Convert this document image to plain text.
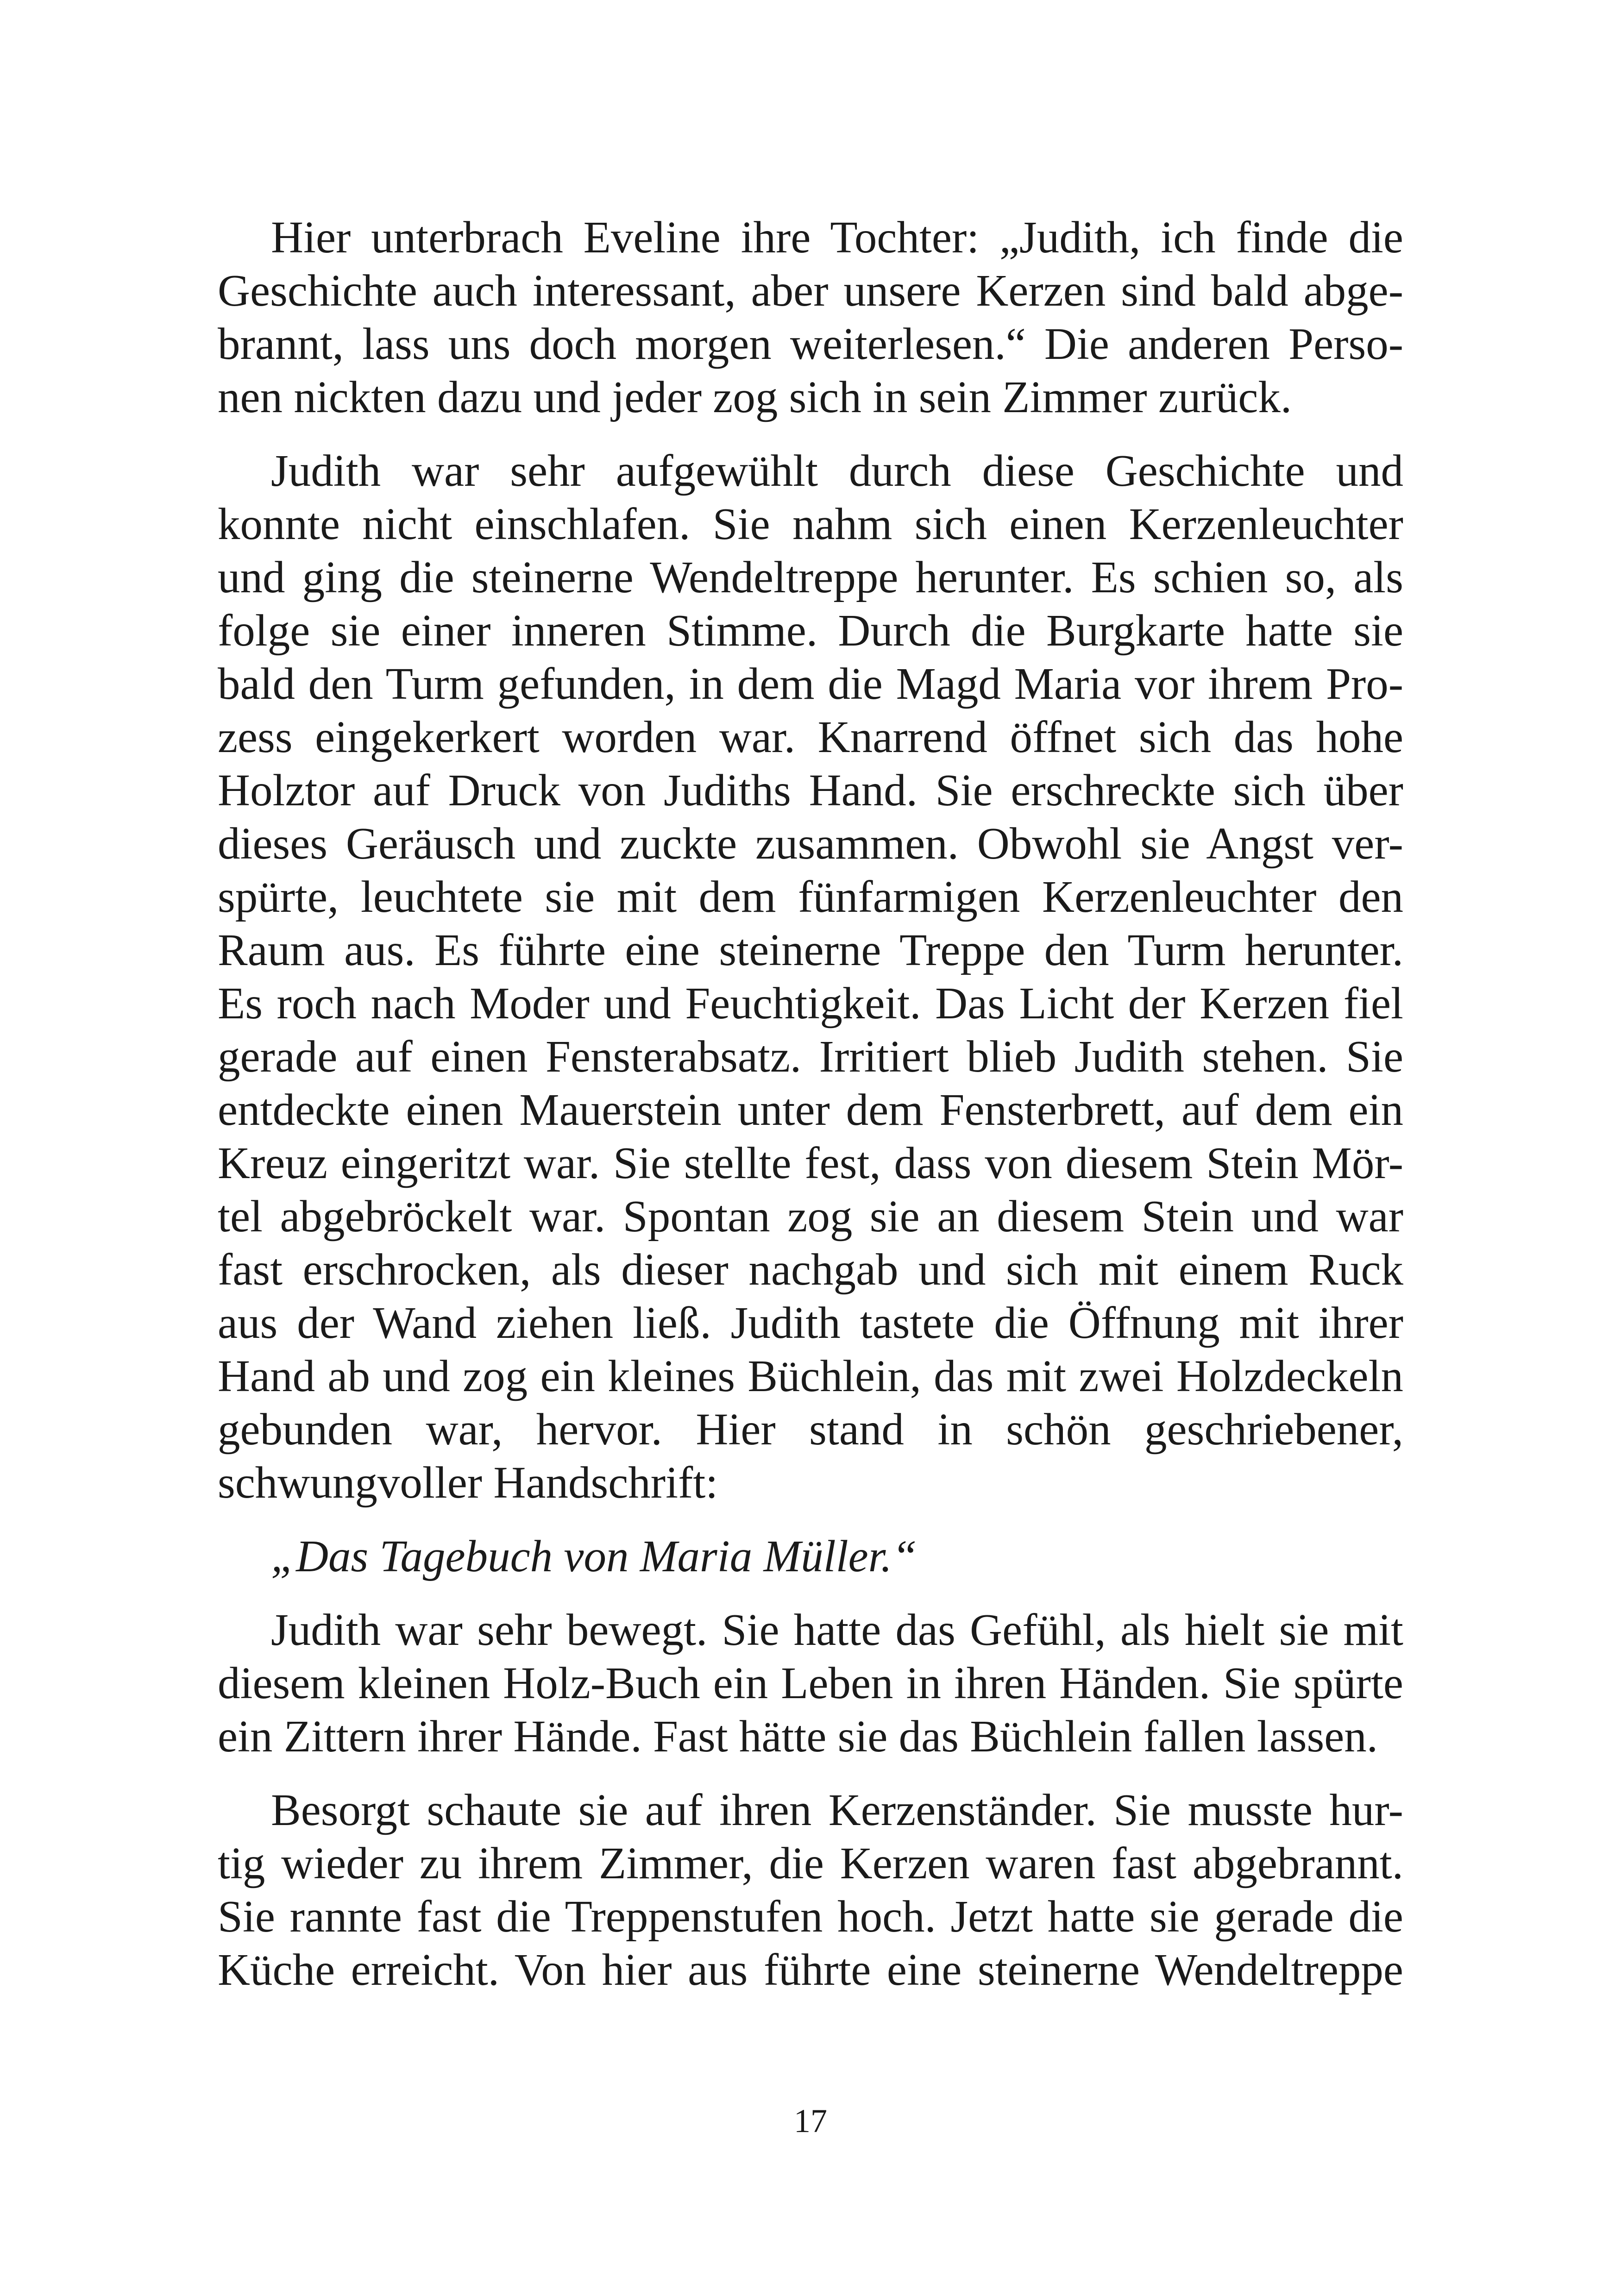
Hier unterbrach Eveline ihre Tochter: „Judith, ich finde die
Geschichte auch interessant, aber unsere Kerzen sind bald abge-
brannt, lass uns doch morgen weiterlesen.“ Die anderen Perso-
nen nickten dazu und jeder zog sich in sein Zimmer zurück.

Judith war sehr aufgewühlt durch diese Geschichte und
konnte nicht einschlafen. Sie nahm sich einen Kerzenleuchter
und ging die steinerne Wendeltreppe herunter. Es schien so, als
folge sie einer inneren Stimme. Durch die Burgkarte hatte sie
bald den Turm gefunden, in dem die Magd Maria vor ihrem Pro-
zess eingekerkert worden war. Knarrend öffnet sich das hohe
Holztor auf Druck von Judiths Hand. Sie erschreckte sich über
dieses Geräusch und zuckte zusammen. Obwohl sie Angst ver-
spürte, leuchtete sie mit dem fünfarmigen Kerzenleuchter den
Raum aus. Es führte eine steinerne Treppe den Turm herunter.
Es roch nach Moder und Feuchtigkeit. Das Licht der Kerzen fiel
gerade auf einen Fensterabsatz. Irritiert blieb Judith stehen. Sie
entdeckte einen Mauerstein unter dem Fensterbrett, auf dem ein
Kreuz eingeritzt war. Sie stellte fest, dass von diesem Stein Mör-
tel abgebröckelt war. Spontan zog sie an diesem Stein und war
fast erschrocken, als dieser nachgab und sich mit einem Ruck
aus der Wand ziehen ließ. Judith tastete die Öffnung mit ihrer
Hand ab und zog ein kleines Büchlein, das mit zwei Holzdeckeln
gebunden war, hervor. Hier stand in schön geschriebener,
schwungvoller Handschrift:

„Das Tagebuch von Maria Müller.“

Judith war sehr bewegt. Sie hatte das Gefühl, als hielt sie mit
diesem kleinen Holz-Buch ein Leben in ihren Händen. Sie spürte
ein Zittern ihrer Hände. Fast hätte sie das Büchlein fallen lassen.

Besorgt schaute sie auf ihren Kerzenständer. Sie musste hur-
tig wieder zu ihrem Zimmer, die Kerzen waren fast abgebrannt.
Sie rannte fast die Treppenstufen hoch. Jetzt hatte sie gerade die
Küche erreicht. Von hier aus führte eine steinerne Wendeltreppe

17
